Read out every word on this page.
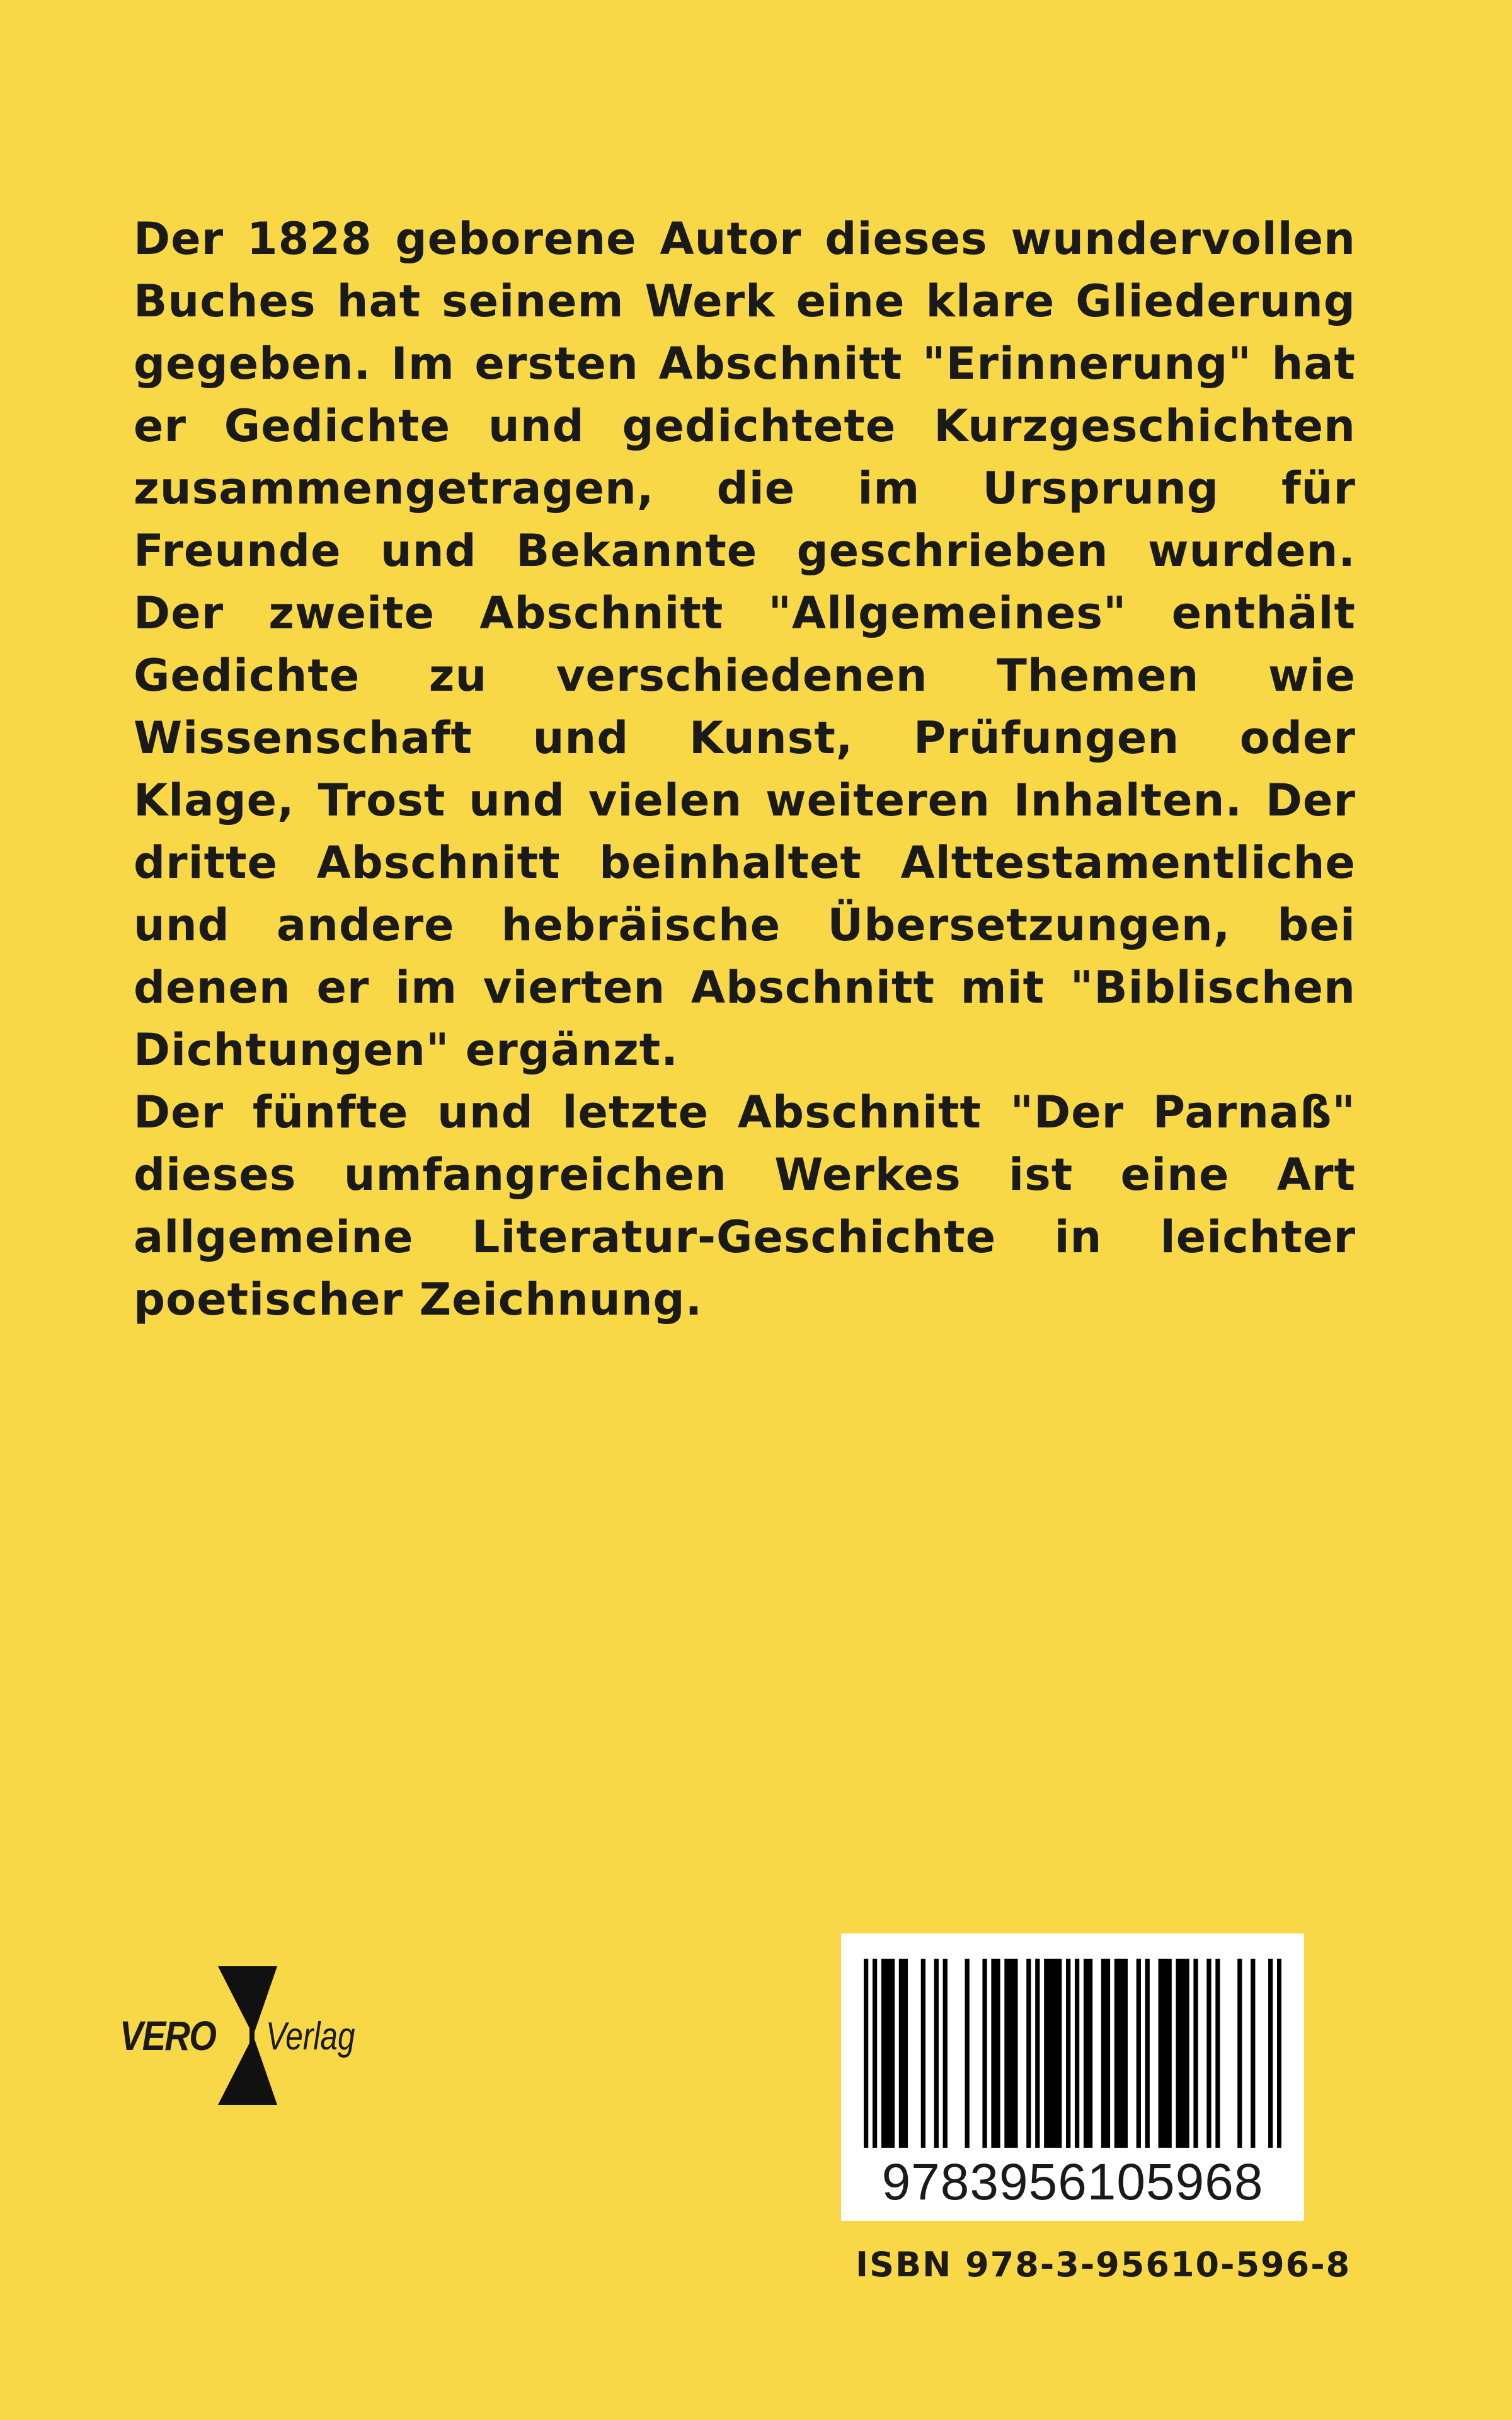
Der 1828 geborene Autor dieses wundervollen Buches hat seinem Werk eine klare Gliederung gegeben. Im ersten Abschnitt "Erinnerung" hat er Gedichte und gedichtete Kurzgeschichten zusammengetragen, die im Ursprung für Freunde und Bekannte geschrieben wurden. Der zweite Abschnitt "Allgemeines" enthält Gedichte zu verschiedenen Themen wie Wissenschaft und Kunst, Prüfungen oder Klage, Trost und vielen weiteren Inhalten. Der dritte Abschnitt beinhaltet Alttestamentliche und andere hebräische Übersetzungen, bei denen er im vierten Abschnitt mit "Biblischen Dichtungen" ergänzt.

Der fünfte und letzte Abschnitt "Der Parnaß" dieses umfangreichen Werkes ist eine Art allgemeine Literatur-Geschichte in leichter poetischer Zeichnung.

VERO Verlag
9783956105968
ISBN 978-3-95610-596-8
